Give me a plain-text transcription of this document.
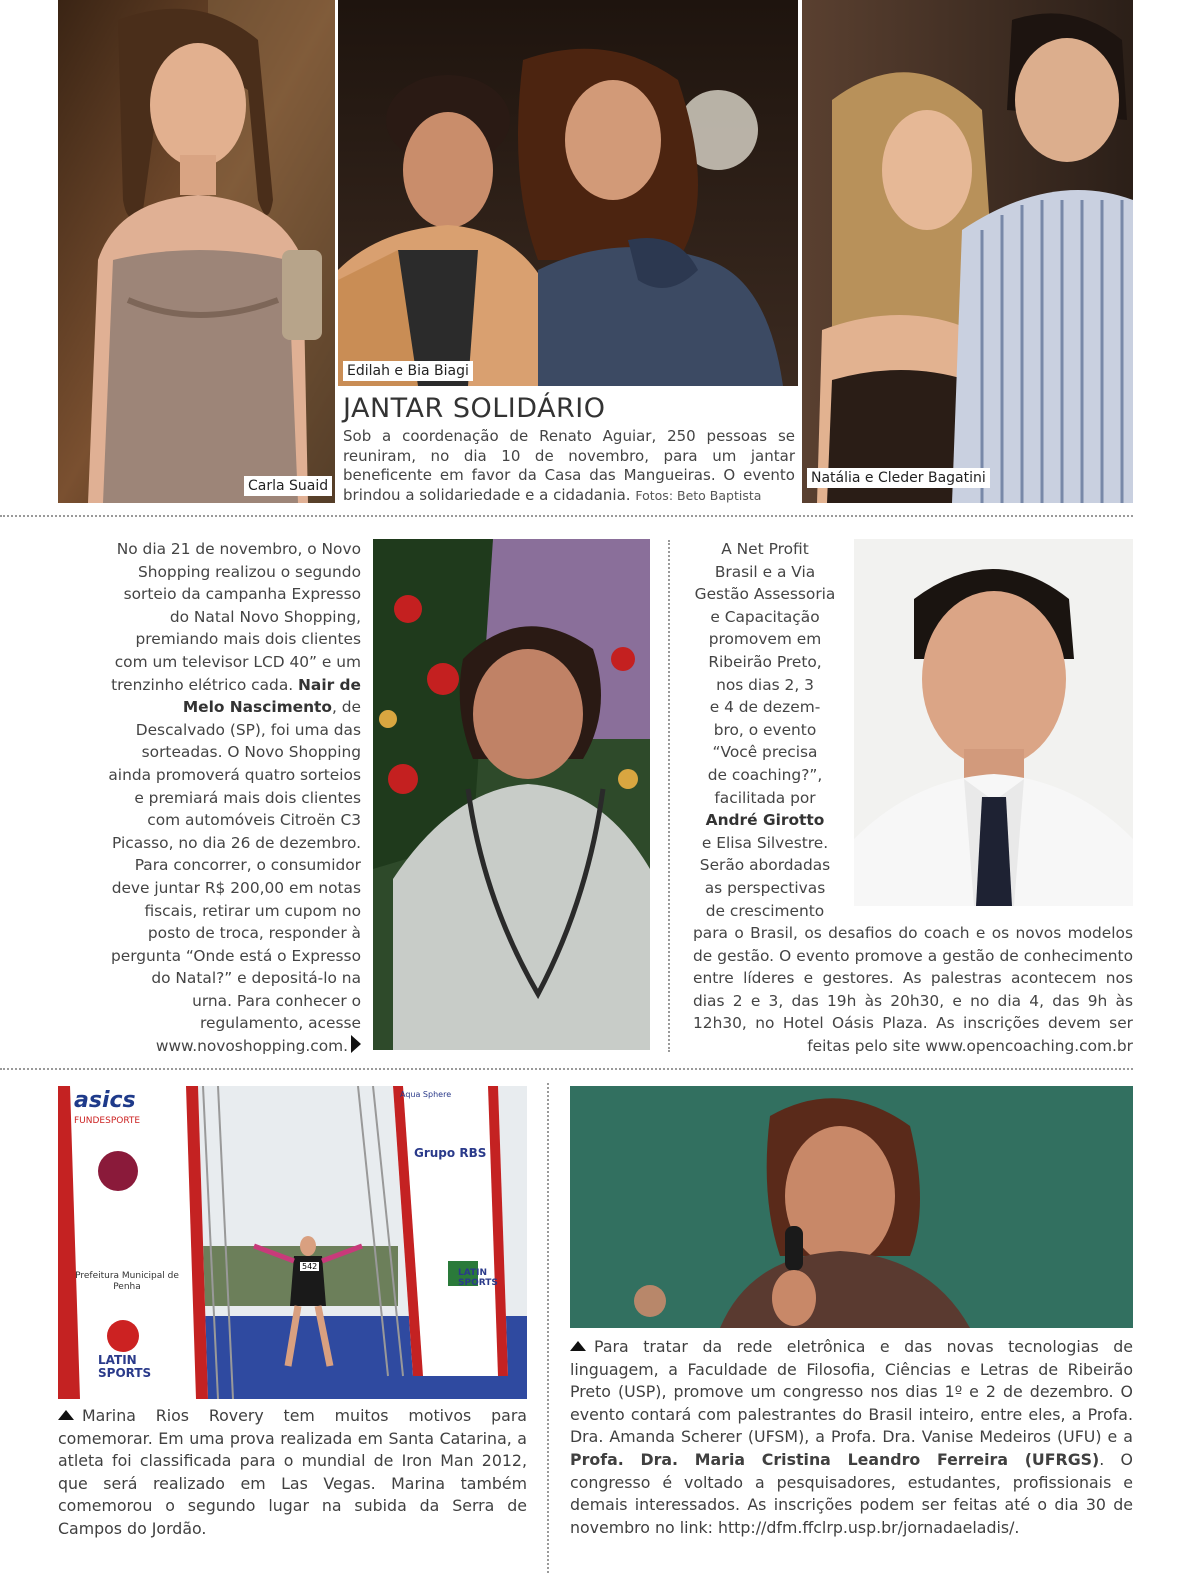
Carla Suaid
Edilah e Bia Biagi
Natália e Cleder Bagatini
JANTAR SOLIDÁRIO
Sob a coordenação de Renato Aguiar, 250 pessoas se reuniram, no dia 10 de novembro, para um jantar beneficente em favor da Casa das Mangueiras. O evento brindou a solidariedade e a cidadania. Fotos: Beto Baptista

No dia 21 de novembro, o Novo Shopping realizou o segundo sorteio da campanha Expresso do Natal Novo Shopping, premiando mais dois clientes com um televisor LCD 40” e um trenzinho elétrico cada. Nair de Melo Nascimento, de Descalvado (SP), foi uma das sorteadas. O Novo Shopping ainda promoverá quatro sorteios e premiará mais dois clientes com automóveis Citroën C3 Picasso, no dia 26 de dezembro. Para concorrer, o consumidor deve juntar R$ 200,00 em notas fiscais, retirar um cupom no posto de troca, responder à pergunta “Onde está o Expresso do Natal?” e depositá-lo na urna. Para conhecer o regulamento, acesse www.novoshopping.com.

A Net Profit
Brasil e a Via
Gestão Assessoria
e Capacitação
promovem em
Ribeirão Preto,
nos dias 2, 3
e 4 de dezem-
bro, o evento
“Você precisa
de coaching?”,
facilitada por
André Girotto
e Elisa Silvestre.
Serão abordadas
as perspectivas
de crescimento

para o Brasil, os desafios do coach e os novos modelos de gestão. O evento promove a gestão de conhecimento entre líderes e gestores. As palestras acontecem nos dias 2 e 3, das 19h às 20h30, e no dia 4, das 9h às 12h30, no Hotel Oásis Plaza. As inscrições devem ser feitas pelo site www.opencoaching.com.br

asics
FUNDESPORTE
Prefeitura Municipal de Penha
LATIN SPORTS
Aqua Sphere
Grupo RBS
LATIN SPORTS
542
Marina Rios Rovery tem muitos motivos para comemorar. Em uma prova realizada em Santa Catarina, a atleta foi classificada para o mundial de Iron Man 2012, que será realizado em Las Vegas. Marina também comemorou o segundo lugar na subida da Serra de Campos do Jordão.
Para tratar da rede eletrônica e das novas tecnologias de linguagem, a Faculdade de Filosofia, Ciências e Letras de Ribeirão Preto (USP), promove um congresso nos dias 1º e 2 de dezembro. O evento contará com palestrantes do Brasil inteiro, entre eles, a Profa. Dra. Amanda Scherer (UFSM), a Profa. Dra. Vanise Medeiros (UFU) e a Profa. Dra. Maria Cristina Leandro Ferreira (UFRGS). O congresso é voltado a pesquisadores, estudantes, profissionais e demais interessados. As inscrições podem ser feitas até o dia 30 de novembro no link: http://dfm.ffclrp.usp.br/jornadaeladis/.
